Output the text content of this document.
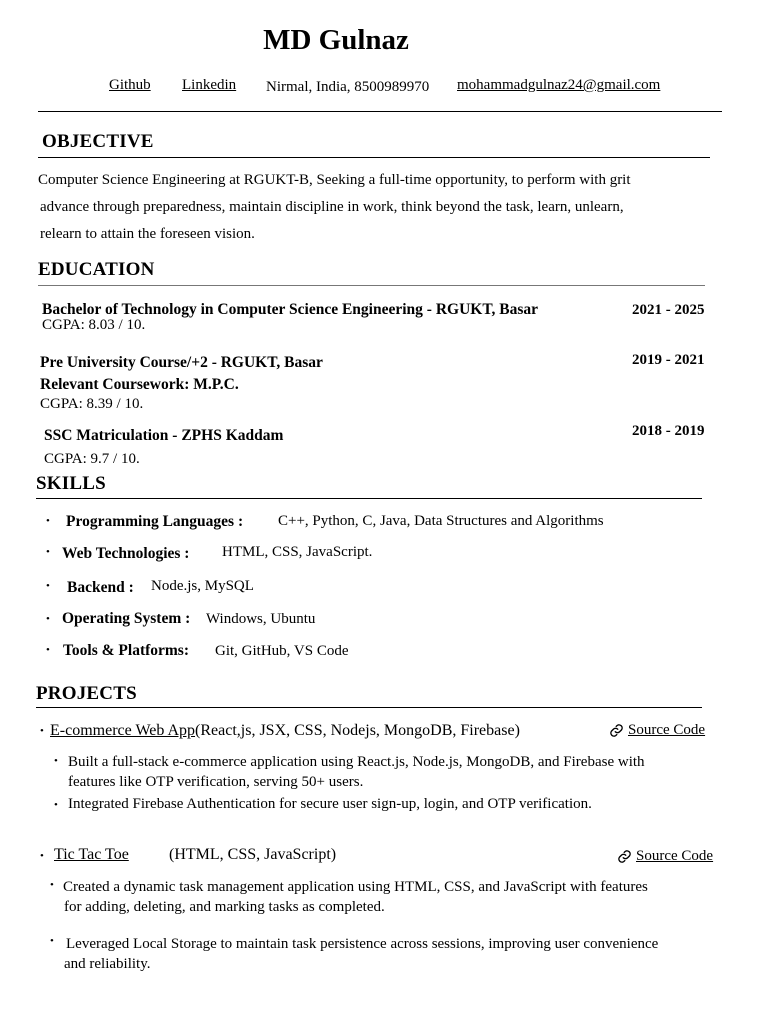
MD Gulnaz
Github Linkedin Nirmal, India, 8500989970 mohammadgulnaz24@gmail.com
OBJECTIVE
Computer Science Engineering at RGUKT-B, Seeking a full-time opportunity, to perform with grit
advance through preparedness, maintain discipline in work, think beyond the task, learn, unlearn,
relearn to attain the foreseen vision.
EDUCATION
Bachelor of Technology in Computer Science Engineering - RGUKT, Basar
CGPA: 8.03 / 10.
2021 - 2025
Pre University Course/+2 - RGUKT, Basar
Relevant Coursework: M.P.C.
CGPA: 8.39 / 10.
2019 - 2021
SSC Matriculation - ZPHS Kaddam
CGPA: 9.7 / 10.
2018 - 2019
SKILLS
• Programming Languages : C++, Python, C, Java, Data Structures and Algorithms
• Web Technologies : HTML, CSS, JavaScript.
• Backend : Node.js, MySQL
• Operating System : Windows, Ubuntu
• Tools & Platforms: Git, GitHub, VS Code
PROJECTS
• E-commerce Web App(React,js, JSX, CSS, Nodejs, MongoDB, Firebase)	Source Code
• Built a full-stack e-commerce application using React.js, Node.js, MongoDB, and Firebase with
features like OTP verification, serving 50+ users.
• Integrated Firebase Authentication for secure user sign-up, login, and OTP verification.
• Tic Tac Toe	(HTML, CSS, JavaScript)	Source Code
• Created a dynamic task management application using HTML, CSS, and JavaScript with features
for adding, deleting, and marking tasks as completed.
• Leveraged Local Storage to maintain task persistence across sessions, improving user convenience
and reliability.
